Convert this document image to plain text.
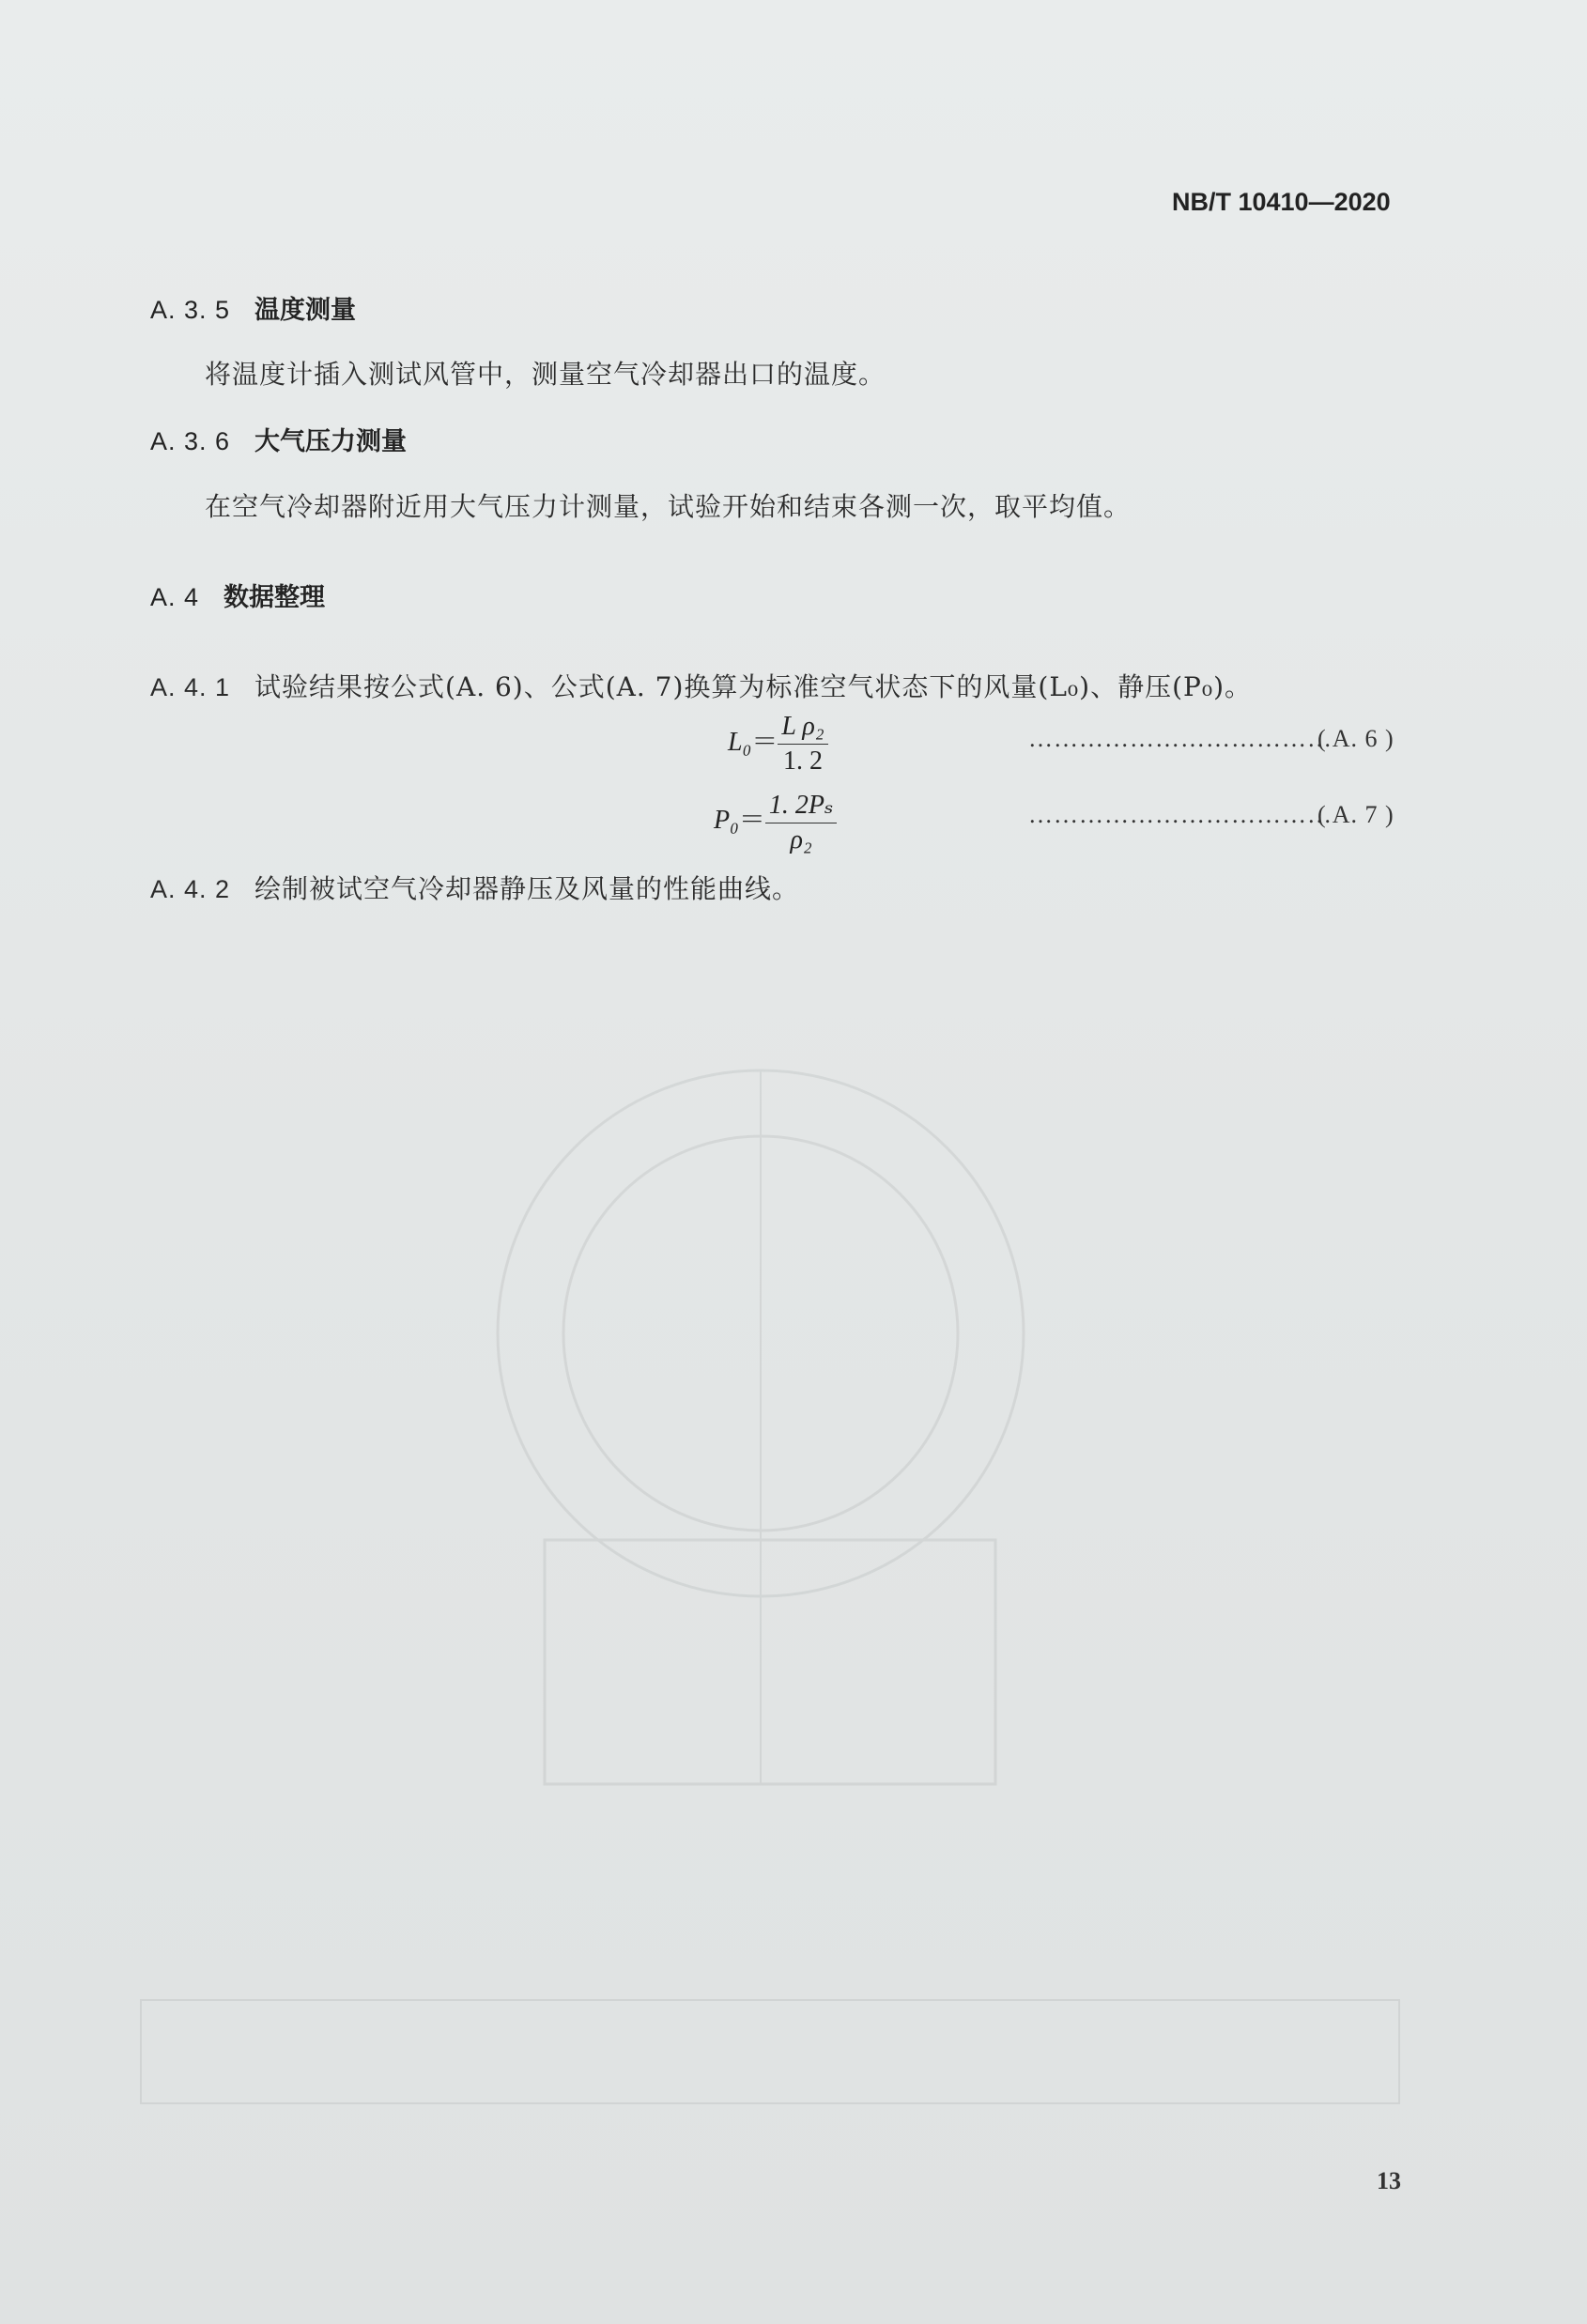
NB/T 10410—2020
A. 3. 5 温度测量
将温度计插入测试风管中，测量空气冷却器出口的温度。
A. 3. 6 大气压力测量
在空气冷却器附近用大气压力计测量，试验开始和结束各测一次，取平均值。
A. 4 数据整理
A. 4. 1 试验结果按公式(A. 6)、公式(A. 7)换算为标准空气状态下的风量(L₀)、静压(P₀)。
$L_0= \frac{\text{L ρ₂}}{1. 2}$	………………………………
( A. 6 )
$P_0= \frac{\text{1. 2Pₛ}}{\text{ρ₂}}$	………………………………
( A. 7 )
A. 4. 2 绘制被试空气冷却器静压及风量的性能曲线。
13
